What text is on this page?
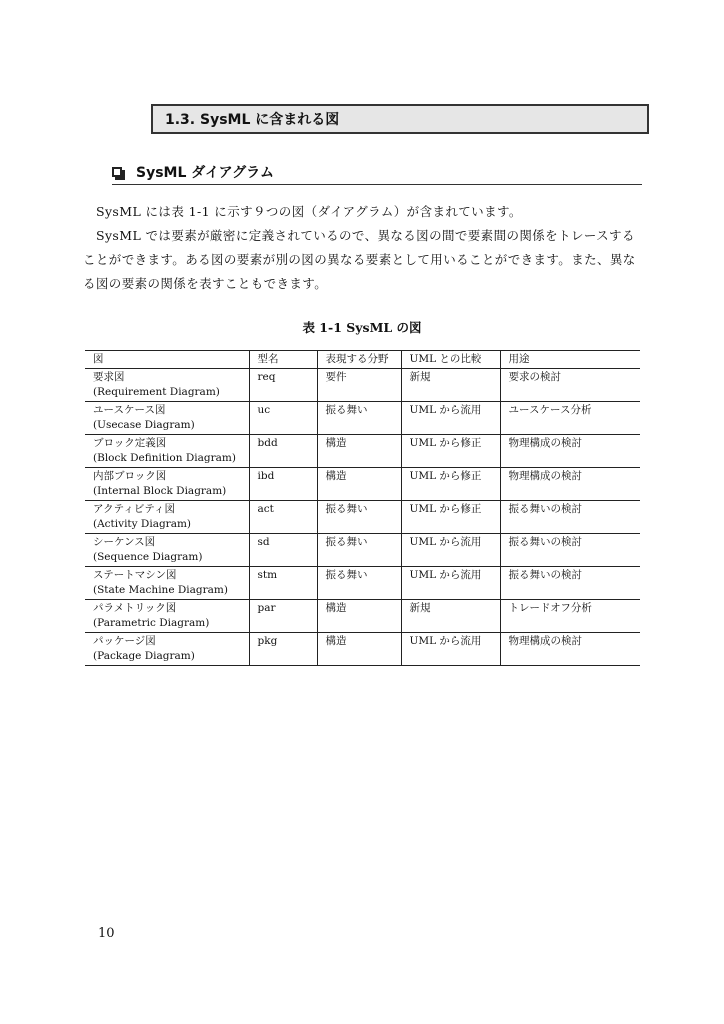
1.3. SysML に含まれる図
SysML ダイアグラム

SysML には表 1-1 に示す９つの図（ダイアグラム）が含まれています。

SysML では要素が厳密に定義されているので、異なる図の間で要素間の関係をトレースすることができます。ある図の要素が別の図の異なる要素として用いることができます。また、異なる図の要素の関係を表すこともできます。

表 1-1 SysML の図
図	型名	表現する分野	UML との比較	用途

要求図
(Requirement Diagram)	req	要件	新規	要求の検討

ユースケース図
(Usecase Diagram)	uc	振る舞い	UML から流用	ユースケース分析

ブロック定義図
(Block Definition Diagram)	bdd	構造	UML から修正	物理構成の検討

内部ブロック図
(Internal Block Diagram)	ibd	構造	UML から修正	物理構成の検討

アクティビティ図
(Activity Diagram)	act	振る舞い	UML から修正	振る舞いの検討

シーケンス図
(Sequence Diagram)	sd	振る舞い	UML から流用	振る舞いの検討

ステートマシン図
(State Machine Diagram)	stm	振る舞い	UML から流用	振る舞いの検討

パラメトリック図
(Parametric Diagram)	par	構造	新規	トレードオフ分析

パッケージ図
(Package Diagram)	pkg	構造	UML から流用	物理構成の検討
10
